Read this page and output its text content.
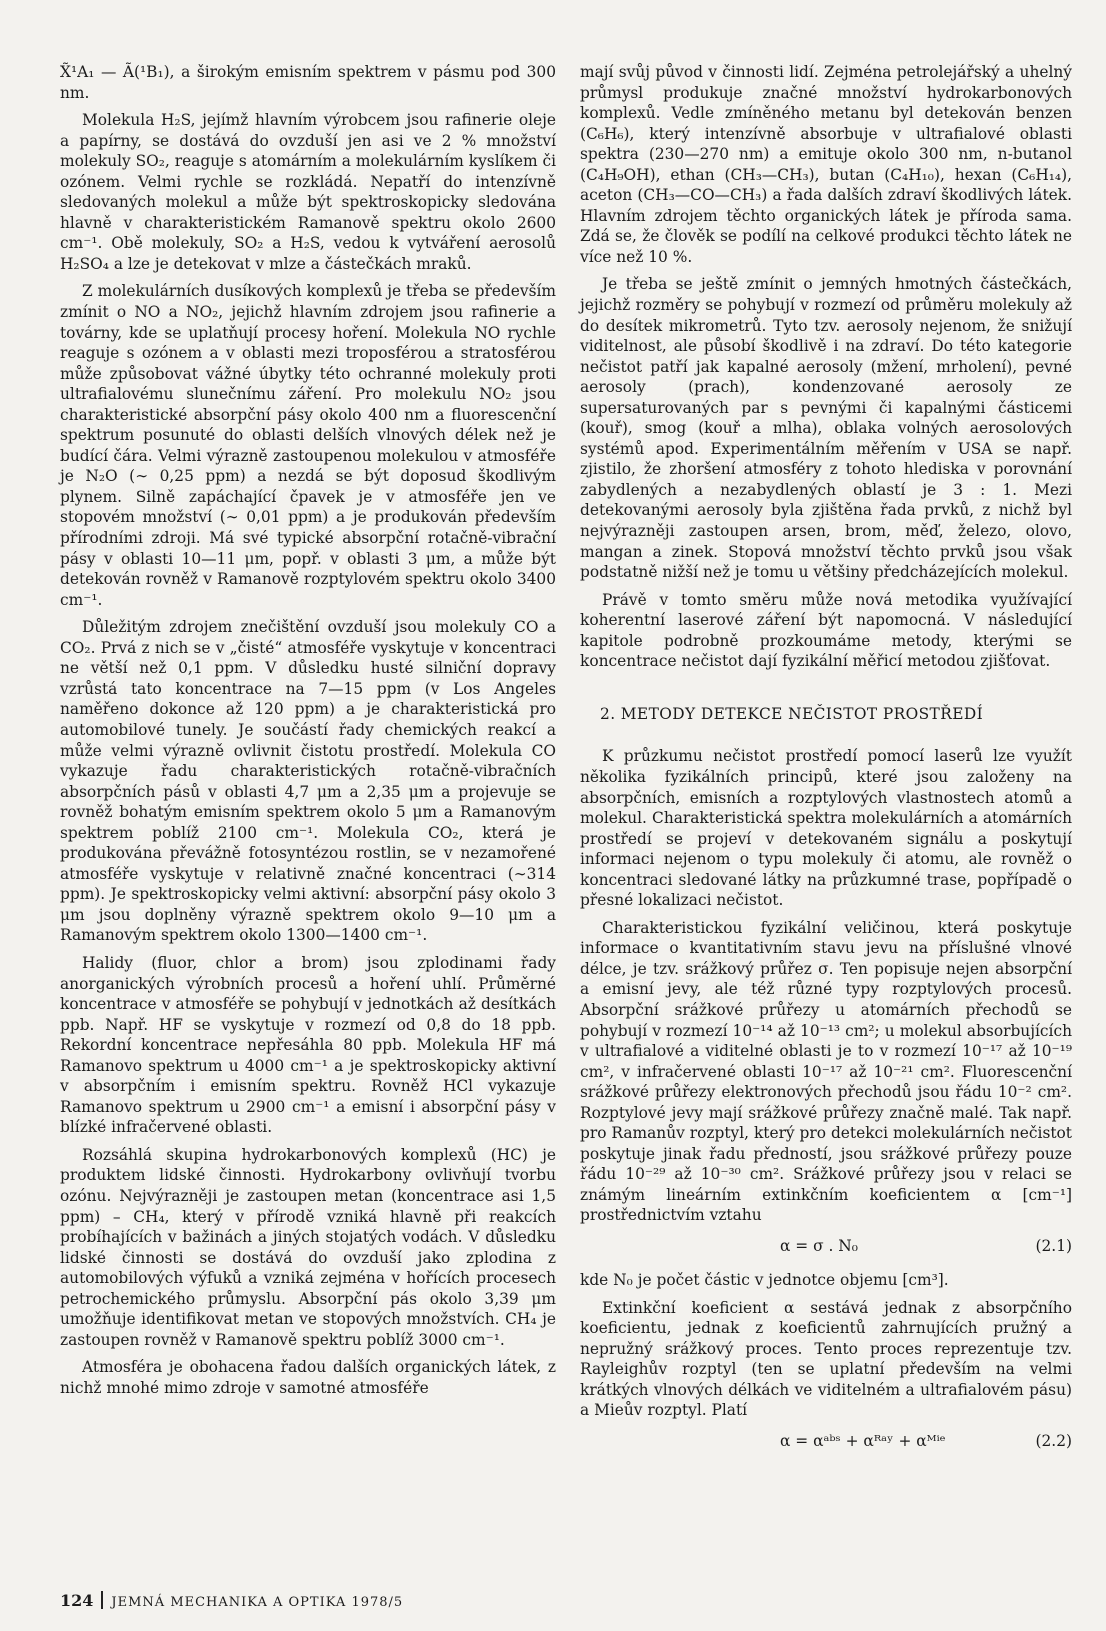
X̃¹A₁ — Ã(¹B₁), a širokým emisním spektrem v pásmu pod 300 nm.

Molekula H₂S, jejímž hlavním výrobcem jsou rafinerie oleje a papírny, se dostává do ovzduší jen asi ve 2 % množství molekuly SO₂, reaguje s atomárním a molekulárním kyslíkem či ozónem. Velmi rychle se rozkládá. Nepatří do intenzívně sledovaných molekul a může být spektroskopicky sledována hlavně v charakteristickém Ramanově spektru okolo 2600 cm⁻¹. Obě molekuly, SO₂ a H₂S, vedou k vytváření aerosolů H₂SO₄ a lze je detekovat v mlze a částečkách mraků.

Z molekulárních dusíkových komplexů je třeba se především zmínit o NO a NO₂, jejichž hlavním zdrojem jsou rafinerie a továrny, kde se uplatňují procesy hoření. Molekula NO rychle reaguje s ozónem a v oblasti mezi troposférou a stratosférou může způsobovat vážné úbytky této ochranné molekuly proti ultrafialovému slunečnímu záření. Pro molekulu NO₂ jsou charakteristické absorpční pásy okolo 400 nm a fluorescenční spektrum posunuté do oblasti delších vlnových délek než je budící čára. Velmi výrazně zastoupenou molekulou v atmosféře je N₂O (∼ 0,25 ppm) a nezdá se být doposud škodlivým plynem. Silně zapáchající čpavek je v atmosféře jen ve stopovém množství (∼ 0,01 ppm) a je produkován především přírodními zdroji. Má své typické absorpční rotačně-vibrační pásy v oblasti 10—11 μm, popř. v oblasti 3 μm, a může být detekován rovněž v Ramanově rozptylovém spektru okolo 3400 cm⁻¹.

Důležitým zdrojem znečištění ovzduší jsou molekuly CO a CO₂. Prvá z nich se v „čisté“ atmosféře vyskytuje v koncentraci ne větší než 0,1 ppm. V důsledku husté silniční dopravy vzrůstá tato koncentrace na 7—15 ppm (v Los Angeles naměřeno dokonce až 120 ppm) a je charakteristická pro automobilové tunely. Je součástí řady chemických reakcí a může velmi výrazně ovlivnit čistotu prostředí. Molekula CO vykazuje řadu charakteristických rotačně-vibračních absorpčních pásů v oblasti 4,7 μm a 2,35 μm a projevuje se rovněž bohatým emisním spektrem okolo 5 μm a Ramanovým spektrem poblíž 2100 cm⁻¹. Molekula CO₂, která je produkována převážně fotosyntézou rostlin, se v nezamořené atmosféře vyskytuje v relativně značné koncentraci (∼314 ppm). Je spektroskopicky velmi aktivní: absorpční pásy okolo 3 μm jsou doplněny výrazně spektrem okolo 9—10 μm a Ramanovým spektrem okolo 1300—1400 cm⁻¹.

Halidy (fluor, chlor a brom) jsou zplodinami řady anorganických výrobních procesů a hoření uhlí. Průměrné koncentrace v atmosféře se pohybují v jednotkách až desítkách ppb. Např. HF se vyskytuje v rozmezí od 0,8 do 18 ppb. Rekordní koncentrace nepřesáhla 80 ppb. Molekula HF má Ramanovo spektrum u 4000 cm⁻¹ a je spektroskopicky aktivní v absorpčním i emisním spektru. Rovněž HCl vykazuje Ramanovo spektrum u 2900 cm⁻¹ a emisní i absorpční pásy v blízké infračervené oblasti.

Rozsáhlá skupina hydrokarbonových komplexů (HC) je produktem lidské činnosti. Hydrokarbony ovlivňují tvorbu ozónu. Nejvýrazněji je zastoupen metan (koncentrace asi 1,5 ppm) – CH₄, který v přírodě vzniká hlavně při reakcích probíhajících v bažinách a jiných stojatých vodách. V důsledku lidské činnosti se dostává do ovzduší jako zplodina z automobilových výfuků a vzniká zejména v hořících procesech petrochemického průmyslu. Absorpční pás okolo 3,39 μm umožňuje identifikovat metan ve stopových množstvích. CH₄ je zastoupen rovněž v Ramanově spektru poblíž 3000 cm⁻¹.

Atmosféra je obohacena řadou dalších organických látek, z nichž mnohé mimo zdroje v samotné atmosféře

mají svůj původ v činnosti lidí. Zejména petrolejářský a uhelný průmysl produkuje značné množství hydrokarbonových komplexů. Vedle zmíněného metanu byl detekován benzen (C₆H₆), který intenzívně absorbuje v ultrafialové oblasti spektra (230—270 nm) a emituje okolo 300 nm, n-butanol (C₄H₉OH), ethan (CH₃—CH₃), butan (C₄H₁₀), hexan (C₆H₁₄), aceton (CH₃—CO—CH₃) a řada dalších zdraví škodlivých látek. Hlavním zdrojem těchto organických látek je příroda sama. Zdá se, že člověk se podílí na celkové produkci těchto látek ne více než 10 %.

Je třeba se ještě zmínit o jemných hmotných částečkách, jejichž rozměry se pohybují v rozmezí od průměru molekuly až do desítek mikrometrů. Tyto tzv. aerosoly nejenom, že snižují viditelnost, ale působí škodlivě i na zdraví. Do této kategorie nečistot patří jak kapalné aerosoly (mžení, mrholení), pevné aerosoly (prach), kondenzované aerosoly ze supersaturovaných par s pevnými či kapalnými částicemi (kouř), smog (kouř a mlha), oblaka volných aerosolových systémů apod. Experimentálním měřením v USA se např. zjistilo, že zhoršení atmosféry z tohoto hlediska v porovnání zabydlených a nezabydlených oblastí je 3 : 1. Mezi detekovanými aerosoly byla zjištěna řada prvků, z nichž byl nejvýrazněji zastoupen arsen, brom, měď, železo, olovo, mangan a zinek. Stopová množství těchto prvků jsou však podstatně nižší než je tomu u většiny předcházejících molekul.

Právě v tomto směru může nová metodika využívající koherentní laserové záření být napomocná. V následující kapitole podrobně prozkoumáme metody, kterými se koncentrace nečistot dají fyzikální měřicí metodou zjišťovat.

2. METODY DETEKCE NEČISTOT PROSTŘEDÍ

K průzkumu nečistot prostředí pomocí laserů lze využít několika fyzikálních principů, které jsou založeny na absorpčních, emisních a rozptylových vlastnostech atomů a molekul. Charakteristická spektra molekulárních a atomárních prostředí se projeví v detekovaném signálu a poskytují informaci nejenom o typu molekuly či atomu, ale rovněž o koncentraci sledované látky na průzkumné trase, popřípadě o přesné lokalizaci nečistot.

Charakteristickou fyzikální veličinou, která poskytuje informace o kvantitativním stavu jevu na příslušné vlnové délce, je tzv. srážkový průřez σ. Ten popisuje nejen absorpční a emisní jevy, ale též různé typy rozptylových procesů. Absorpční srážkové průřezy u atomárních přechodů se pohybují v rozmezí 10⁻¹⁴ až 10⁻¹³ cm²; u molekul absorbujících v ultrafialové a viditelné oblasti je to v rozmezí 10⁻¹⁷ až 10⁻¹⁹ cm², v infračervené oblasti 10⁻¹⁷ až 10⁻²¹ cm². Fluorescenční srážkové průřezy elektronových přechodů jsou řádu 10⁻² cm². Rozptylové jevy mají srážkové průřezy značně malé. Tak např. pro Ramanův rozptyl, který pro detekci molekulárních nečistot poskytuje jinak řadu předností, jsou srážkové průřezy pouze řádu 10⁻²⁹ až 10⁻³⁰ cm². Srážkové průřezy jsou v relaci se známým lineárním extinkčním koeficientem α [cm⁻¹] prostřednictvím vztahu

α = σ . N₀	(2.1)

kde N₀ je počet částic v jednotce objemu [cm³].

Extinkční koeficient α sestává jednak z absorpčního koeficientu, jednak z koeficientů zahrnujících pružný a nepružný srážkový proces. Tento proces reprezentuje tzv. Rayleighův rozptyl (ten se uplatní především na velmi krátkých vlnových délkách ve viditelném a ultrafialovém pásu) a Mieův rozptyl. Platí

α = αᵃᵇˢ + αᴿᵃʸ + αᴹⁱᵉ	(2.2)
124 JEMNÁ MECHANIKA A OPTIKA 1978/5
